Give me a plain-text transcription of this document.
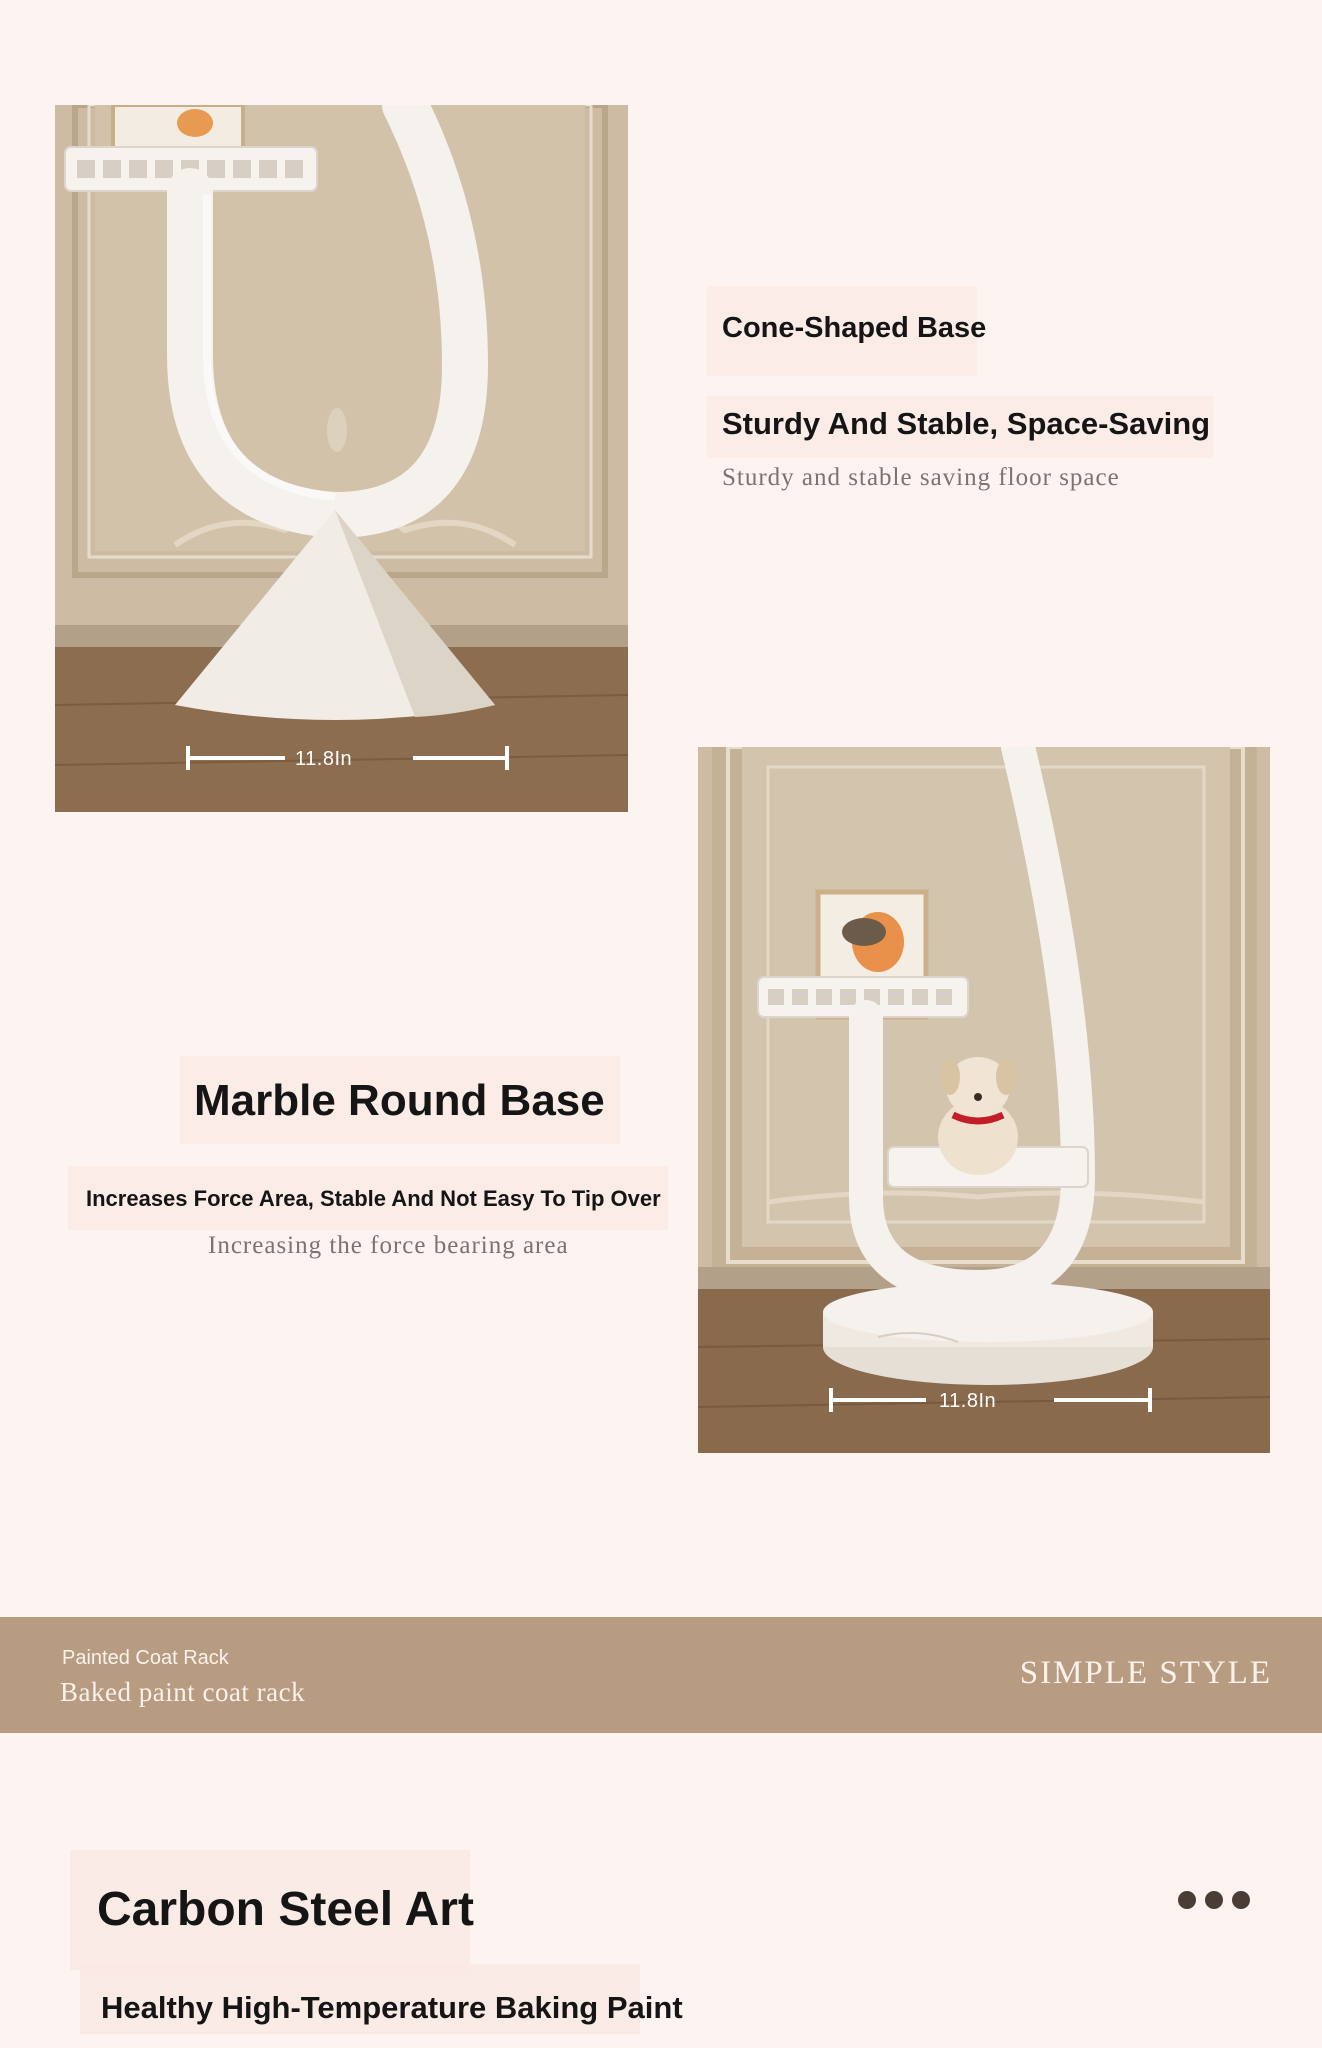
11.8In
Cone-Shaped Base
Sturdy And Stable, Space-Saving
Sturdy and stable saving floor space
11.8In
Marble Round Base
Increases Force Area, Stable And Not Easy To Tip Over
Increasing the force bearing area
Painted Coat Rack
Baked paint coat rack
SIMPLE STYLE
Carbon Steel Art
Healthy High-Temperature Baking Paint
